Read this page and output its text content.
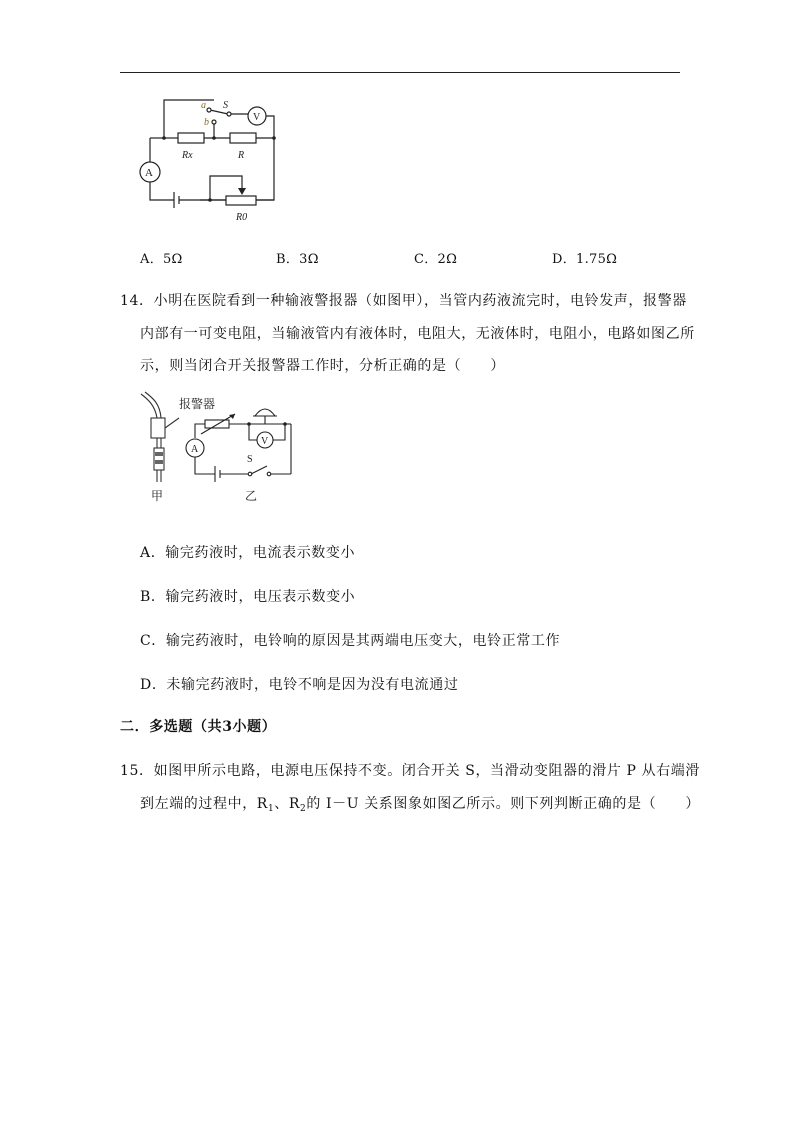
a S
b	V
A
Rx	R
R0
A．5Ω	B．3Ω	C．2Ω	D．1.75Ω
14．小明在医院看到一种输液警报器（如图甲），当管内药液流完时，电铃发声，报警器
内部有一可变电阻，当输液管内有液体时，电阻大，无液体时，电阻小，电路如图乙所
示，则当闭合开关报警器工作时，分析正确的是（　　）
报警器
甲
A
V
S
乙
A．输完药液时，电流表示数变小
B．输完药液时，电压表示数变小
C．输完药液时，电铃响的原因是其两端电压变大，电铃正常工作
D．未输完药液时，电铃不响是因为没有电流通过
二．多选题（共3小题）
15．如图甲所示电路，电源电压保持不变。闭合开关 S，当滑动变阻器的滑片 P 从右端滑
到左端的过程中，$R_1$、$R_2$的 I－U 关系图象如图乙所示。则下列判断正确的是（　　）
